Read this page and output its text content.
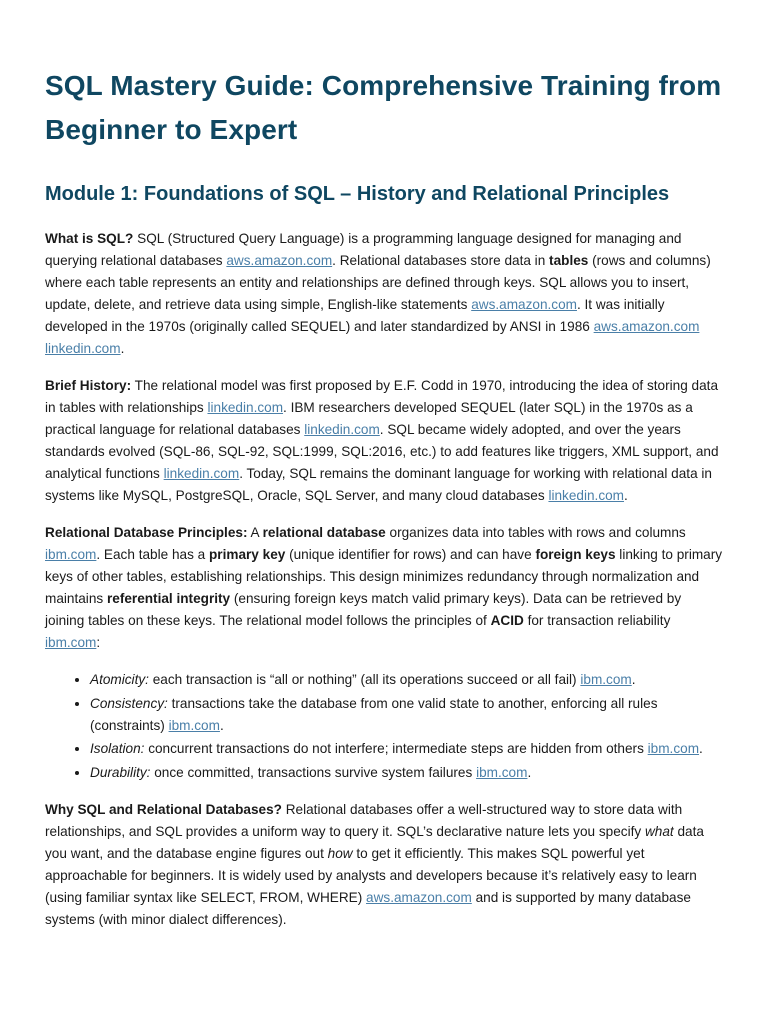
SQL Mastery Guide: Comprehensive Training from Beginner to Expert
Module 1: Foundations of SQL – History and Relational Principles

What is SQL? SQL (Structured Query Language) is a programming language designed for managing and querying relational databases aws.amazon.com. Relational databases store data in tables (rows and columns) where each table represents an entity and relationships are defined through keys. SQL allows you to insert, update, delete, and retrieve data using simple, English-like statements aws.amazon.com. It was initially developed in the 1970s (originally called SEQUEL) and later standardized by ANSI in 1986 aws.amazon.com linkedin.com.

Brief History: The relational model was first proposed by E.F. Codd in 1970, introducing the idea of storing data in tables with relationships linkedin.com. IBM researchers developed SEQUEL (later SQL) in the 1970s as a practical language for relational databases linkedin.com. SQL became widely adopted, and over the years standards evolved (SQL-86, SQL-92, SQL:1999, SQL:2016, etc.) to add features like triggers, XML support, and analytical functions linkedin.com. Today, SQL remains the dominant language for working with relational data in systems like MySQL, PostgreSQL, Oracle, SQL Server, and many cloud databases linkedin.com.

Relational Database Principles: A relational database organizes data into tables with rows and columns ibm.com. Each table has a primary key (unique identifier for rows) and can have foreign keys linking to primary keys of other tables, establishing relationships. This design minimizes redundancy through normalization and maintains referential integrity (ensuring foreign keys match valid primary keys). Data can be retrieved by joining tables on these keys. The relational model follows the principles of ACID for transaction reliability ibm.com:

• Atomicity: each transaction is “all or nothing” (all its operations succeed or all fail) ibm.com.
• Consistency: transactions take the database from one valid state to another, enforcing all rules (constraints) ibm.com.
• Isolation: concurrent transactions do not interfere; intermediate steps are hidden from others ibm.com.
• Durability: once committed, transactions survive system failures ibm.com.

Why SQL and Relational Databases? Relational databases offer a well-structured way to store data with relationships, and SQL provides a uniform way to query it. SQL’s declarative nature lets you specify what data you want, and the database engine figures out how to get it efficiently. This makes SQL powerful yet approachable for beginners. It is widely used by analysts and developers because it’s relatively easy to learn (using familiar syntax like SELECT, FROM, WHERE) aws.amazon.com and is supported by many database systems (with minor dialect differences).
